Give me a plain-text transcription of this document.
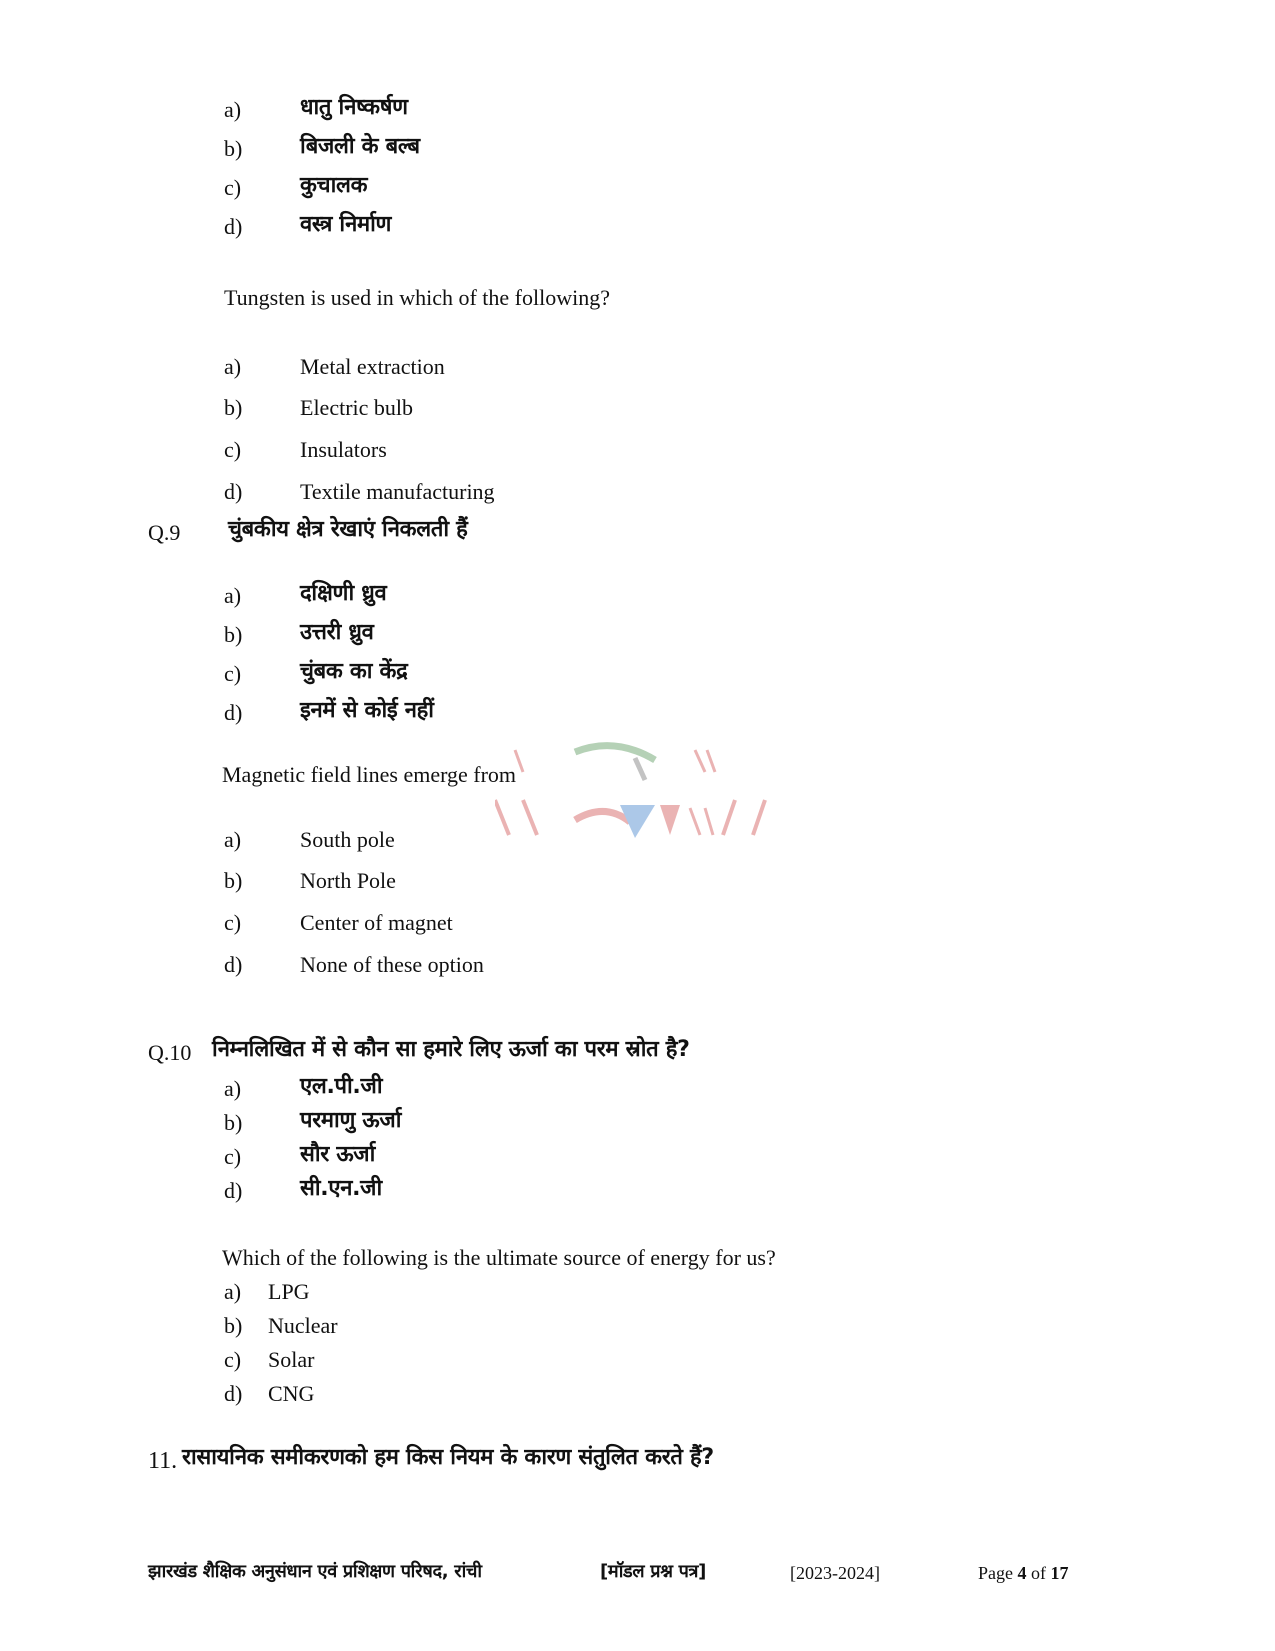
a)	धातु निष्कर्षण
b)	बिजली के बल्ब
c)	कुचालक
d)	वस्त्र निर्माण
Tungsten is used in which of the following?
a)	Metal extraction
b)	Electric bulb
c)	Insulators
d)	Textile manufacturing
Q.9 चुंबकीय क्षेत्र रेखाएं निकलती हैं
a)	दक्षिणी ध्रुव
b)	उत्तरी ध्रुव
c)	चुंबक का केंद्र
d)	इनमें से कोई नहीं
Magnetic field lines emerge from
a)	South pole
b)	North Pole
c)	Center of magnet
d)	None of these option
Q.10 निम्नलिखित में से कौन सा हमारे लिए ऊर्जा का परम स्रोत है?
a)	एल.पी.जी
b)	परमाणु ऊर्जा
c)	सौर ऊर्जा
d)	सी.एन.जी
Which of the following is the ultimate source of energy for us?
a) LPG
b) Nuclear
c) Solar
d) CNG
11. रासायनिक समीकरणको हम किस नियम के कारण संतुलित करते हैं?
झारखंड शैक्षिक अनुसंधान एवं प्रशिक्षण परिषद, रांची	[मॉडल प्रश्न पत्र]	[2023-2024]	Page 4 of 17
